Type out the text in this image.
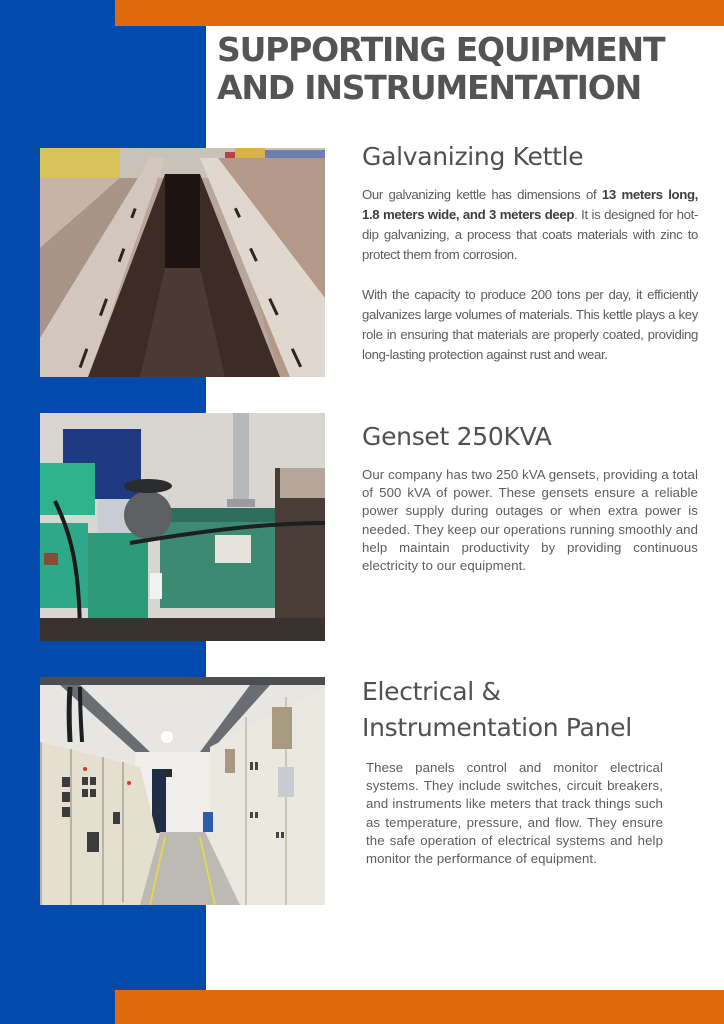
SUPPORTING EQUIPMENT
AND INSTRUMENTATION
Galvanizing Kettle

Our galvanizing kettle has dimensions of 13 meters long, 1.8 meters wide, and 3 meters deep. It is designed for hot-dip galvanizing, a process that coats materials with zinc to protect them from corrosion.

With the capacity to produce 200 tons per day, it efficiently galvanizes large volumes of materials. This kettle plays a key role in ensuring that materials are properly coated, providing long-lasting protection against rust and wear.

Genset 250KVA

Our company has two 250 kVA gensets, providing a total of 500 kVA of power. These gensets ensure a reliable power supply during outages or when extra power is needed. They keep our operations running smoothly and help maintain productivity by providing continuous electricity to our equipment.

Electrical &
Instrumentation Panel

These panels control and monitor electrical systems. They include switches, circuit breakers, and instruments like meters that track things such as temperature, pressure, and flow. They ensure the safe operation of electrical systems and help monitor the performance of equipment.
